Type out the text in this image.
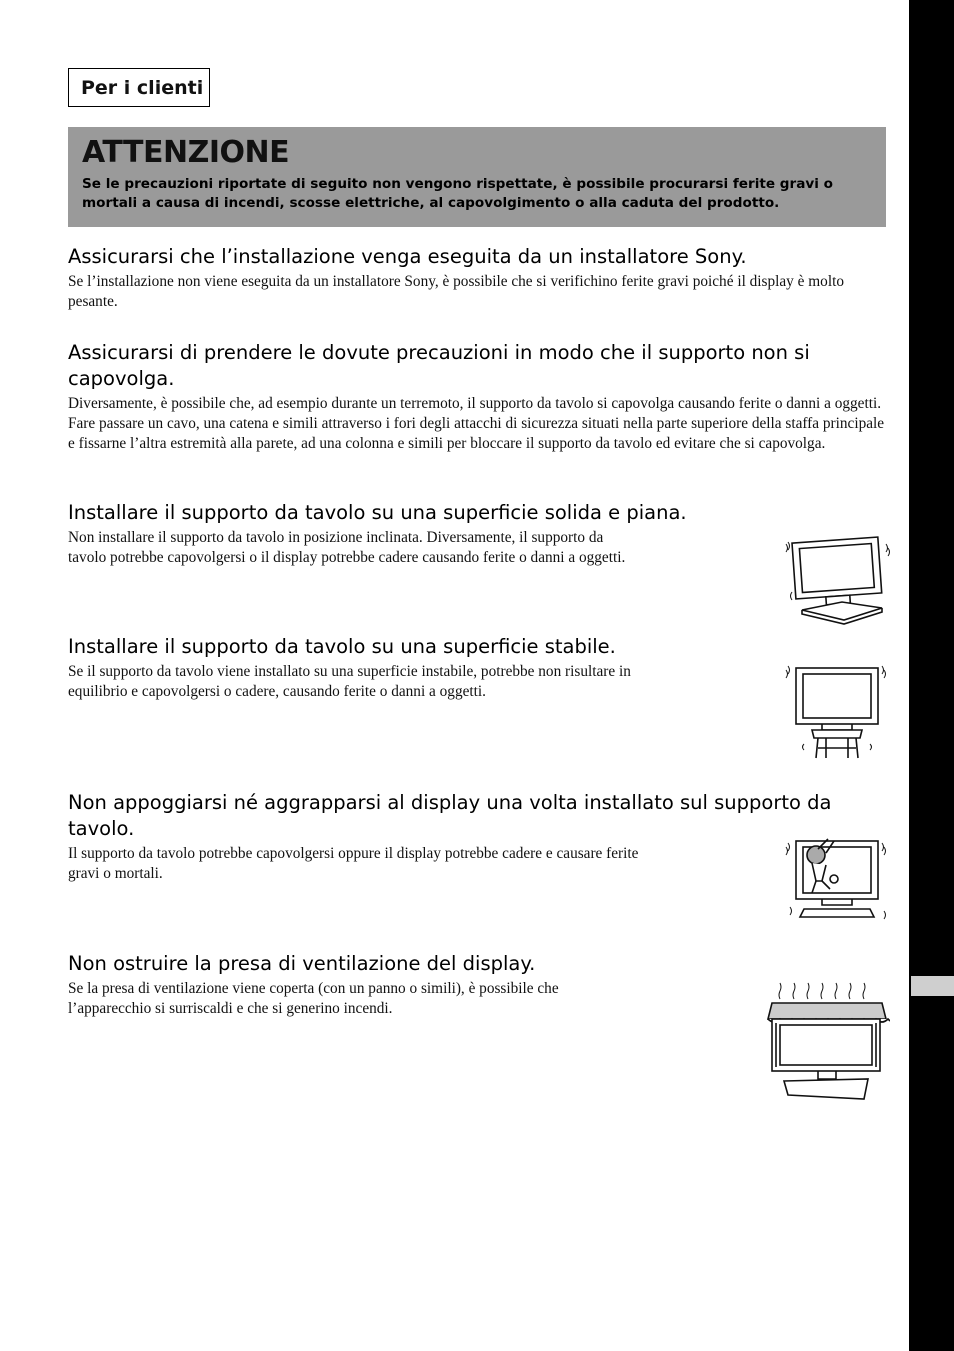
Per i clienti
ATTENZIONE

Se le precauzioni riportate di seguito non vengono rispettate, è possibile procurarsi ferite gravi o mortali a causa di incendi, scosse elettriche, al capovolgimento o alla caduta del prodotto.

Assicurarsi che l’installazione venga eseguita da un installatore Sony.

Se l’installazione non viene eseguita da un installatore Sony, è possibile che si verifichino ferite gravi poiché il display è molto pesante.

Assicurarsi di prendere le dovute precauzioni in modo che il supporto non si capovolga.

Diversamente, è possibile che, ad esempio durante un terremoto, il supporto da tavolo si capovolga causando ferite o danni a oggetti. Fare passare un cavo, una catena e simili attraverso i fori degli attacchi di sicurezza situati nella parte superiore della staffa principale e fissarne l’altra estremità alla parete, ad una colonna e simili per bloccare il supporto da tavolo ed evitare che si capovolga.

Installare il supporto da tavolo su una superficie solida e piana.

Non installare il supporto da tavolo in posizione inclinata. Diversamente, il supporto da tavolo potrebbe capovolgersi o il display potrebbe cadere causando ferite o danni a oggetti.

Installare il supporto da tavolo su una superficie stabile.

Se il supporto da tavolo viene installato su una superficie instabile, potrebbe non risultare in equilibrio e capovolgersi o cadere, causando ferite o danni a oggetti.

Non appoggiarsi né aggrapparsi al display una volta installato sul supporto da tavolo.

Il supporto da tavolo potrebbe capovolgersi oppure il display potrebbe cadere e causare ferite gravi o mortali.

Non ostruire la presa di ventilazione del display.

Se la presa di ventilazione viene coperta (con un panno o simili), è possibile che l’apparecchio si surriscaldi e che si generino incendi.
